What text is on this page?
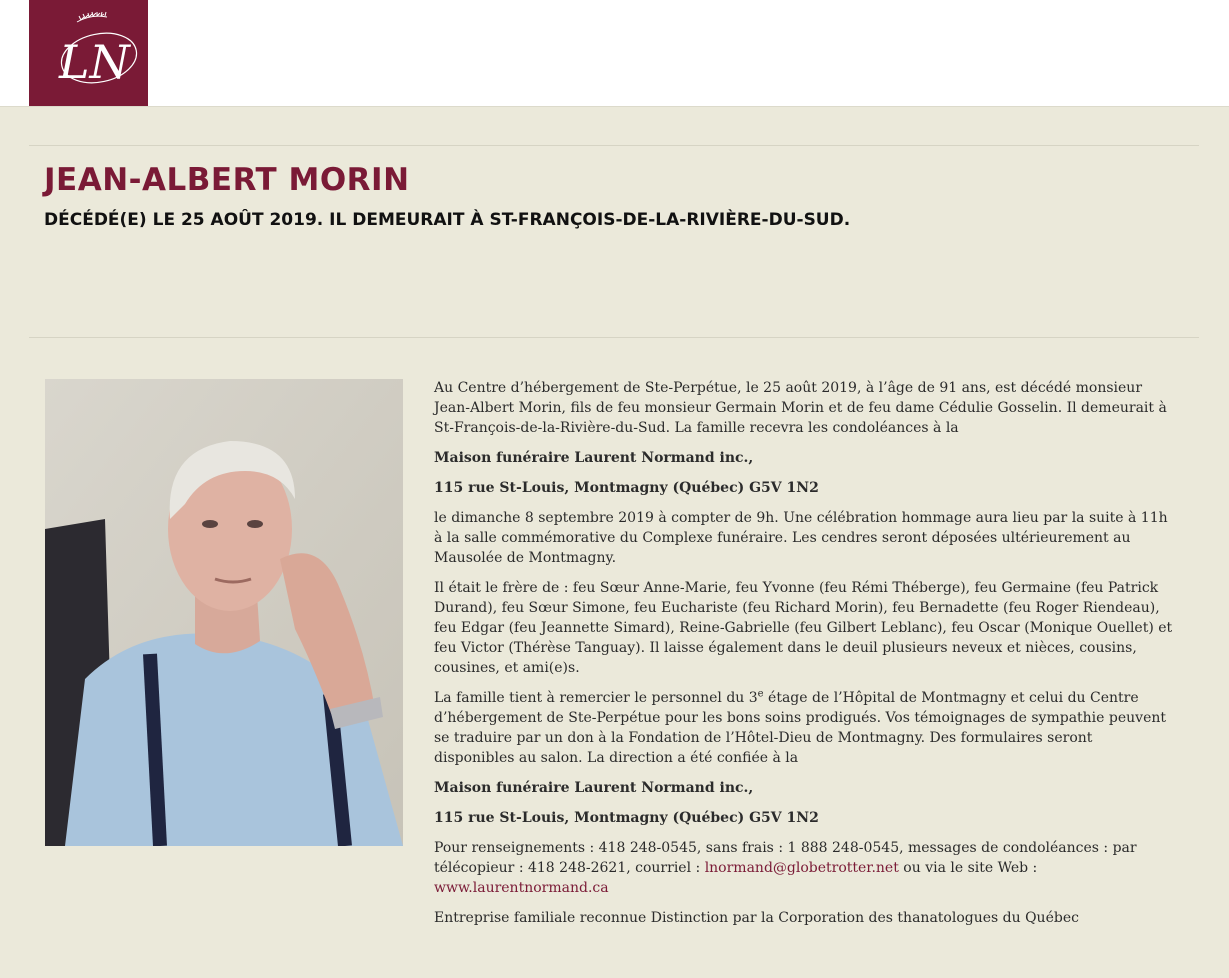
LN
JEAN-ALBERT MORIN
DÉCÉDÉ(E) LE 25 AOÛT 2019. IL DEMEURAIT À ST-FRANÇOIS-DE-LA-RIVIÈRE-DU-SUD.

Au Centre d’hébergement de Ste-Perpétue, le 25 août 2019, à l’âge de 91 ans, est décédé monsieur Jean-Albert Morin, fils de feu monsieur Germain Morin et de feu dame Cédulie Gosselin. Il demeurait à St-François-de-la-Rivière-du-Sud. La famille recevra les condoléances à la

Maison funéraire Laurent Normand inc.,

115 rue St-Louis, Montmagny (Québec) G5V 1N2

le dimanche 8 septembre 2019 à compter de 9h. Une célébration hommage aura lieu par la suite à 11h à la salle commémorative du Complexe funéraire. Les cendres seront déposées ultérieurement au Mausolée de Montmagny.

Il était le frère de : feu Sœur Anne-Marie, feu Yvonne (feu Rémi Théberge), feu Germaine (feu Patrick Durand), feu Sœur Simone, feu Euchariste (feu Richard Morin), feu Bernadette (feu Roger Riendeau), feu Edgar (feu Jeannette Simard), Reine-Gabrielle (feu Gilbert Leblanc), feu Oscar (Monique Ouellet) et feu Victor (Thérèse Tanguay). Il laisse également dans le deuil plusieurs neveux et nièces, cousins, cousines, et ami(e)s.

La famille tient à remercier le personnel du 3e étage de l’Hôpital de Montmagny et celui du Centre d’hébergement de Ste-Perpétue pour les bons soins prodigués. Vos témoignages de sympathie peuvent se traduire par un don à la Fondation de l’Hôtel-Dieu de Montmagny. Des formulaires seront disponibles au salon. La direction a été confiée à la

Maison funéraire Laurent Normand inc.,

115 rue St-Louis, Montmagny (Québec) G5V 1N2

Pour renseignements : 418 248-0545, sans frais : 1 888 248-0545, messages de condoléances : par télécopieur : 418 248-2621, courriel : lnormand@globetrotter.net ou via le site Web : www.laurentnormand.ca

Entreprise familiale reconnue Distinction par la Corporation des thanatologues du Québec
